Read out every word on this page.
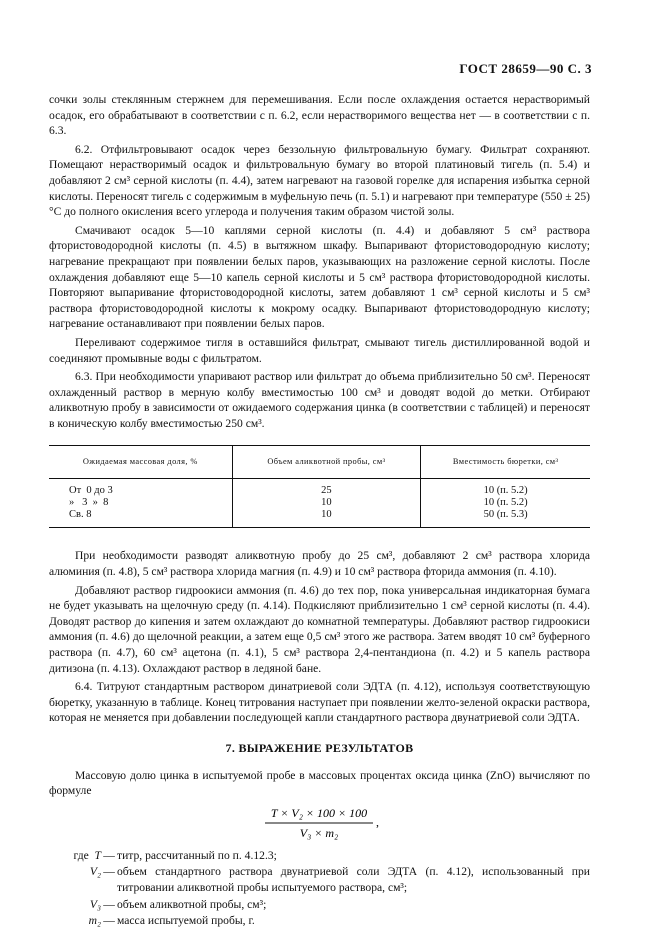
ГОСТ 28659—90 С. 3

сочки золы стеклянным стержнем для перемешивания. Если после охлаждения остается нерастворимый осадок, его обрабатывают в соответствии с п. 6.2, если нерастворимого вещества нет — в соответствии с п. 6.3.

6.2. Отфильтровывают осадок через беззольную фильтровальную бумагу. Фильтрат сохраняют. Помещают нерастворимый осадок и фильтровальную бумагу во второй платиновый тигель (п. 5.4) и добавляют 2 см³ серной кислоты (п. 4.4), затем нагревают на газовой горелке для испарения избытка серной кислоты. Переносят тигель с содержимым в муфельную печь (п. 5.1) и нагревают при температуре (550 ± 25) °С до полного окисления всего углерода и получения таким образом чистой золы.

Смачивают осадок 5—10 каплями серной кислоты (п. 4.4) и добавляют 5 см³ раствора фтористоводородной кислоты (п. 4.5) в вытяжном шкафу. Выпаривают фтористоводородную кислоту; нагревание прекращают при появлении белых паров, указывающих на разложение серной кислоты. После охлаждения добавляют еще 5—10 капель серной кислоты и 5 см³ раствора фтористоводородной кислоты. Повторяют выпаривание фтористоводородной кислоты, затем добавляют 1 см³ серной кислоты и 5 см³ раствора фтористоводородной кислоты к мокрому осадку. Выпаривают фтористоводородную кислоту; нагревание останавливают при появлении белых паров.

Переливают содержимое тигля в оставшийся фильтрат, смывают тигель дистиллированной водой и соединяют промывные воды с фильтратом.

6.3. При необходимости упаривают раствор или фильтрат до объема приблизительно 50 см³. Переносят охлажденный раствор в мерную колбу вместимостью 100 см³ и доводят водой до метки. Отбирают аликвотную пробу в зависимости от ожидаемого содержания цинка (в соответствии с таблицей) и переносят в коническую колбу вместимостью 250 см³.

Ожидаемая массовая доля, %	Объем аликвотной пробы, см³	Вместимость бюретки, см³
От  0 до 3	25	10 (п. 5.2)
»   3  »  8	10	10 (п. 5.2)
Св. 8	10	50 (п. 5.3)

При необходимости разводят аликвотную пробу до 25 см³, добавляют 2 см³ раствора хлорида алюминия (п. 4.8), 5 см³ раствора хлорида магния (п. 4.9) и 10 см³ раствора фторида аммония (п. 4.10).

Добавляют раствор гидроокиси аммония (п. 4.6) до тех пор, пока универсальная индикаторная бумага не будет указывать на щелочную среду (п. 4.14). Подкисляют приблизительно 1 см³ серной кислоты (п. 4.4). Доводят раствор до кипения и затем охлаждают до комнатной температуры. Добавляют раствор гидроокиси аммония (п. 4.6) до щелочной реакции, а затем еще 0,5 см³ этого же раствора. Затем вводят 10 см³ буферного раствора (п. 4.7), 60 см³ ацетона (п. 4.1), 5 см³ раствора 2,4-пентандиона (п. 4.2) и 5 капель раствора дитизона (п. 4.13). Охлаждают раствор в ледяной бане.

6.4. Титруют стандартным раствором динатриевой соли ЭДТА (п. 4.12), используя соответствующую бюретку, указанную в таблице. Конец титрования наступает при появлении желто-зеленой окраски раствора, которая не меняется при добавлении последующей капли стандартного раствора двунатриевой соли ЭДТА.

7. ВЫРАЖЕНИЕ РЕЗУЛЬТАТОВ

Массовую долю цинка в испытуемой пробе в массовых процентах оксида цинка (ZnO) вычисляют по формуле

T × V₂ × 100 × 100
,
V₃ × m₂
где T — титр, рассчитанный по п. 4.12.3;
V₂ — объем стандартного раствора двунатриевой соли ЭДТА (п. 4.12), использованный при титровании аликвотной пробы испытуемого раствора, см³;
V₃ — объем аликвотной пробы, см³;
m₂ — масса испытуемой пробы, г.
